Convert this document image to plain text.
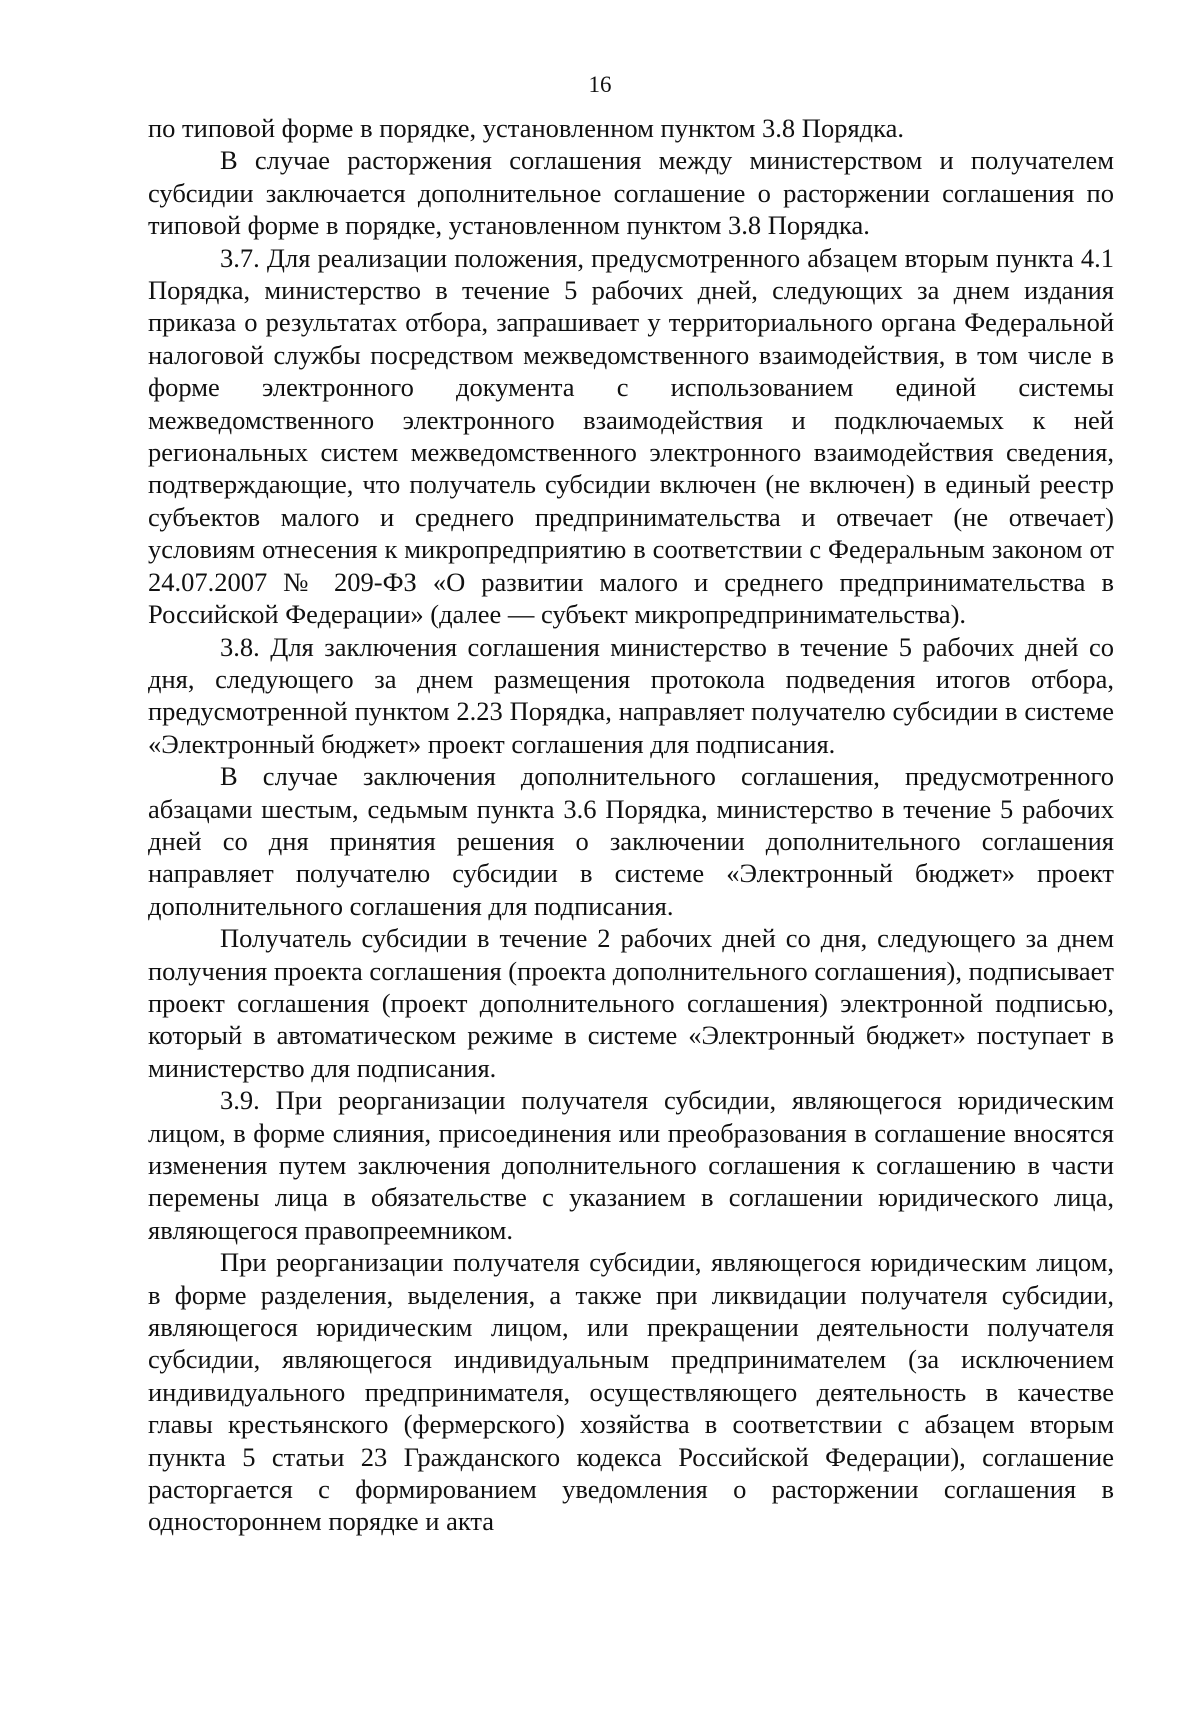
16

по типовой форме в порядке, установленном пунктом 3.8 Порядка.

В случае расторжения соглашения между министерством и получателем субсидии заключается дополнительное соглашение о расторжении соглашения по типовой форме в порядке, установленном пунктом 3.8 Порядка.

3.7. Для реализации положения, предусмотренного абзацем вторым пункта 4.1 Порядка, министерство в течение 5 рабочих дней, следующих за днем издания приказа о результатах отбора, запрашивает у территориального органа Федеральной налоговой службы посредством межведомственного взаимодействия, в том числе в форме электронного документа с использованием единой системы межведомственного электронного взаимодействия и подключаемых к ней региональных систем межведомственного электронного взаимодействия сведения, подтверждающие, что получатель субсидии включен (не включен) в единый реестр субъектов малого и среднего предпринимательства и отвечает (не отвечает) условиям отнесения к микропредприятию в соответствии с Федеральным законом от 24.07.2007 № 209-ФЗ «О развитии малого и среднего предпринимательства в Российской Федерации» (далее — субъект микропредпринимательства).

3.8. Для заключения соглашения министерство в течение 5 рабочих дней со дня, следующего за днем размещения протокола подведения итогов отбора, предусмотренной пунктом 2.23 Порядка, направляет получателю субсидии в системе «Электронный бюджет» проект соглашения для подписания.

В случае заключения дополнительного соглашения, предусмотренного абзацами шестым, седьмым пункта 3.6 Порядка, министерство в течение 5 рабочих дней со дня принятия решения о заключении дополнительного соглашения направляет получателю субсидии в системе «Электронный бюджет» проект дополнительного соглашения для подписания.

Получатель субсидии в течение 2 рабочих дней со дня, следующего за днем получения проекта соглашения (проекта дополнительного соглашения), подписывает проект соглашения (проект дополнительного соглашения) электронной подписью, который в автоматическом режиме в системе «Электронный бюджет» поступает в министерство для подписания.

3.9. При реорганизации получателя субсидии, являющегося юридическим лицом, в форме слияния, присоединения или преобразования в соглашение вносятся изменения путем заключения дополнительного соглашения к соглашению в части перемены лица в обязательстве с указанием в соглашении юридического лица, являющегося правопреемником.

При реорганизации получателя субсидии, являющегося юридическим лицом, в форме разделения, выделения, а также при ликвидации получателя субсидии, являющегося юридическим лицом, или прекращении деятельности получателя субсидии, являющегося индивидуальным предпринимателем (за исключением индивидуального предпринимателя, осуществляющего деятельность в качестве главы крестьянского (фермерского) хозяйства в соответствии с абзацем вторым пункта 5 статьи 23 Гражданского кодекса Российской Федерации), соглашение расторгается с формированием уведомления о расторжении соглашения в одностороннем порядке и акта
